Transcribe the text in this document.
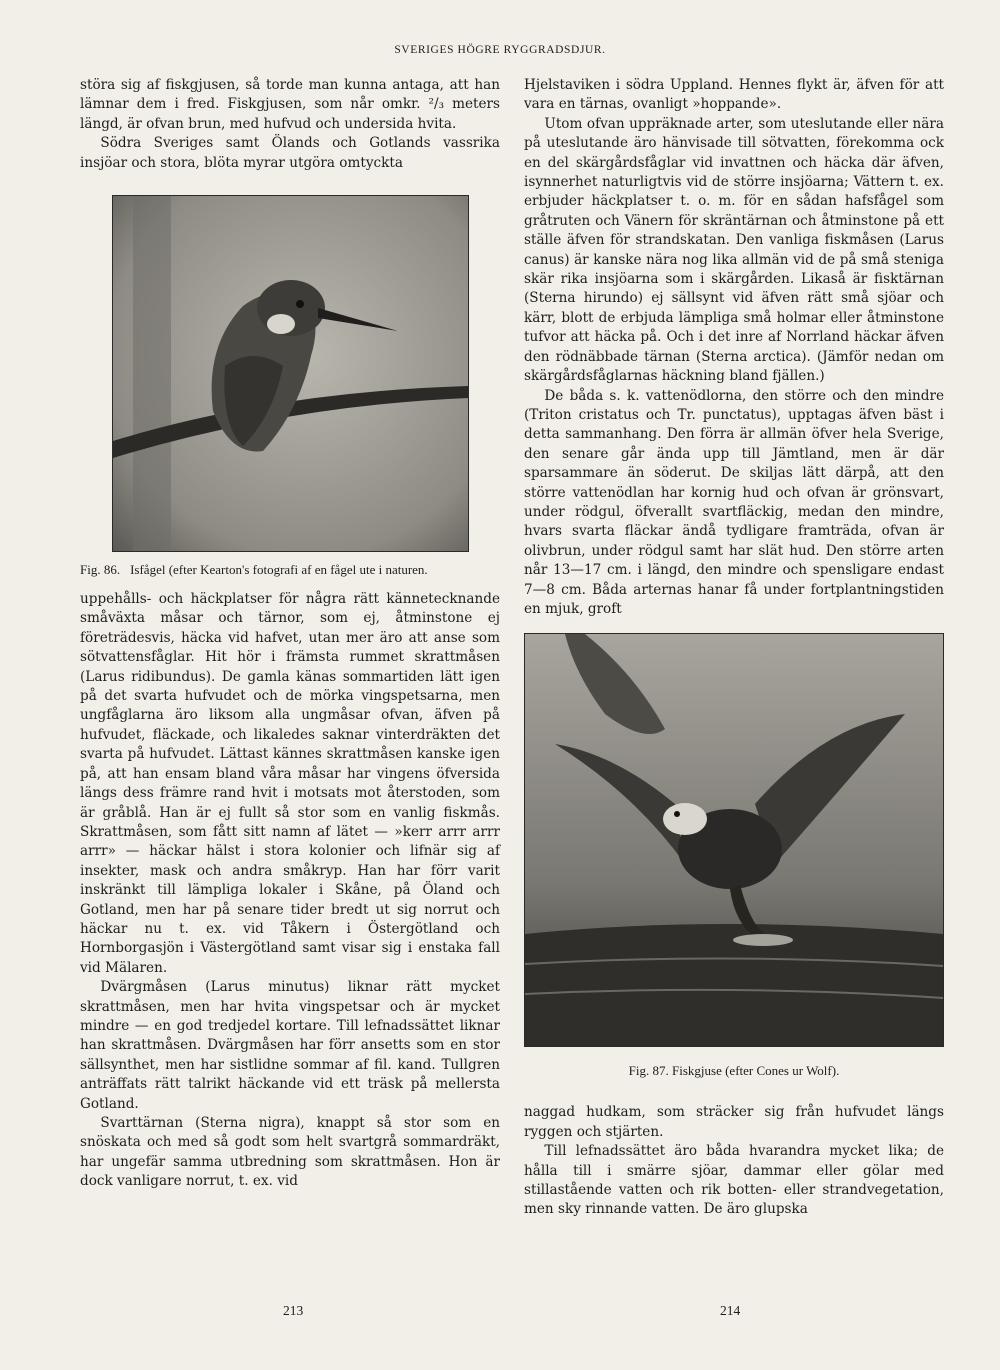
SVERIGES HÖGRE RYGGRADSDJUR.

störa sig af fiskgjusen, så torde man kunna antaga, att han lämnar dem i fred. Fiskgjusen, som når omkr. ²/₃ meters längd, är ofvan brun, med hufvud och undersida hvita.

Södra Sveriges samt Ölands och Gotlands vassrika insjöar och stora, blöta myrar utgöra omtyckta

Fig. 86. Isfågel (efter Kearton's fotografi af en fågel ute i naturen.

uppehålls- och häckplatser för några rätt kännetecknande småväxta måsar och tärnor, som ej, åtminstone ej företrädesvis, häcka vid hafvet, utan mer äro att anse som sötvattensfåglar. Hit hör i främsta rummet skrattmåsen (Larus ridibundus). De gamla känas sommartiden lätt igen på det svarta hufvudet och de mörka vingspetsarna, men ungfåglarna äro liksom alla ungmåsar ofvan, äfven på hufvudet, fläckade, och likaledes saknar vinterdräkten det svarta på hufvudet. Lättast kännes skrattmåsen kanske igen på, att han ensam bland våra måsar har vingens öfversida längs dess främre rand hvit i motsats mot återstoden, som är gråblå. Han är ej fullt så stor som en vanlig fiskmås. Skrattmåsen, som fått sitt namn af lätet — »kerr arrr arrr arrr» — häckar hälst i stora kolonier och lifnär sig af insekter, mask och andra småkryp. Han har förr varit inskränkt till lämpliga lokaler i Skåne, på Öland och Gotland, men har på senare tider bredt ut sig norrut och häckar nu t. ex. vid Tåkern i Östergötland och Hornborgasjön i Västergötland samt visar sig i enstaka fall vid Mälaren.

Dvärgmåsen (Larus minutus) liknar rätt mycket skrattmåsen, men har hvita vingspetsar och är mycket mindre — en god tredjedel kortare. Till lefnadssättet liknar han skrattmåsen. Dvärgmåsen har förr ansetts som en stor sällsynthet, men har sistlidne sommar af fil. kand. Tullgren anträffats rätt talrikt häckande vid ett träsk på mellersta Gotland.

Svarttärnan (Sterna nigra), knappt så stor som en snöskata och med så godt som helt svartgrå sommardräkt, har ungefär samma utbredning som skrattmåsen. Hon är dock vanligare norrut, t. ex. vid

Hjelstaviken i södra Uppland. Hennes flykt är, äfven för att vara en tärnas, ovanligt »hoppande».

Utom ofvan uppräknade arter, som uteslutande eller nära på uteslutande äro hänvisade till sötvatten, förekomma ock en del skärgårdsfåglar vid invattnen och häcka där äfven, isynnerhet naturligtvis vid de större insjöarna; Vättern t. ex. erbjuder häckplatser t. o. m. för en sådan hafsfågel som gråtruten och Vänern för skräntärnan och åtminstone på ett ställe äfven för strandskatan. Den vanliga fiskmåsen (Larus canus) är kanske nära nog lika allmän vid de på små steniga skär rika insjöarna som i skärgården. Likaså är fisktärnan (Sterna hirundo) ej sällsynt vid äfven rätt små sjöar och kärr, blott de erbjuda lämpliga små holmar eller åtminstone tufvor att häcka på. Och i det inre af Norrland häckar äfven den rödnäbbade tärnan (Sterna arctica). (Jämför nedan om skärgårdsfåglarnas häckning bland fjällen.)

De båda s. k. vattenödlorna, den större och den mindre (Triton cristatus och Tr. punctatus), upptagas äfven bäst i detta sammanhang. Den förra är allmän öfver hela Sverige, den senare går ända upp till Jämtland, men är där sparsammare än söderut. De skiljas lätt därpå, att den större vattenödlan har kornig hud och ofvan är grönsvart, under rödgul, öfverallt svartfläckig, medan den mindre, hvars svarta fläckar ändå tydligare framträda, ofvan är olivbrun, under rödgul samt har slät hud. Den större arten når 13—17 cm. i längd, den mindre och spensligare endast 7—8 cm. Båda arternas hanar få under fortplantningstiden en mjuk, groft

Fig. 87. Fiskgjuse (efter Cones ur Wolf).

naggad hudkam, som sträcker sig från hufvudet längs ryggen och stjärten.

Till lefnadssättet äro båda hvarandra mycket lika; de hålla till i smärre sjöar, dammar eller gölar med stillastående vatten och rik botten- eller strandvegetation, men sky rinnande vatten. De äro glupska

213	214
